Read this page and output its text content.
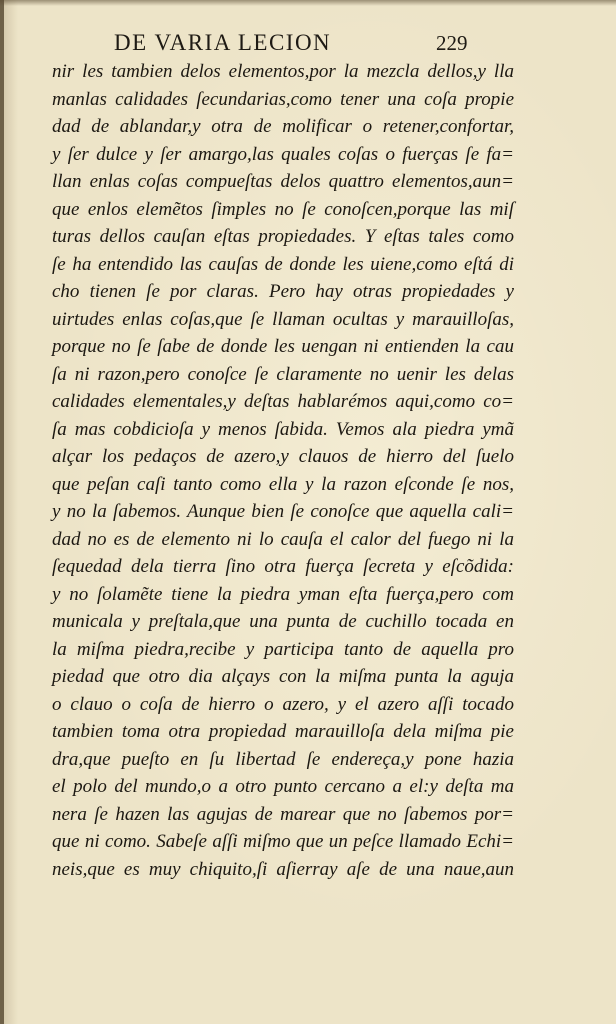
DE VARIA LECION	229
nir les tambien delos elementos,por la mezcla dellos,y lla
manlas calidades ſecundarias,como tener una coſa propie
dad de ablandar,y otra de molificar o retener,confortar,
y ſer dulce y ſer amargo,las quales coſas o fuerças ſe fa=
llan enlas coſas compueſtas delos quattro elementos,aun=
que enlos elemẽtos ſimples no ſe conoſcen,porque las miſ
turas dellos cauſan eſtas propiedades. Y eſtas tales como
ſe ha entendido las cauſas de donde les uiene,como eſtá di
cho tienen ſe por claras. Pero hay otras propiedades y
uirtudes enlas coſas,que ſe llaman ocultas y marauilloſas,
porque no ſe ſabe de donde les uengan ni entienden la cau
ſa ni razon,pero conoſce ſe claramente no uenir les delas
calidades elementales,y deſtas hablarémos aqui,como co=
ſa mas cobdicioſa y menos ſabida. Vemos ala piedra ymã
alçar los pedaços de azero,y clauos de hierro del ſuelo
que peſan caſi tanto como ella y la razon eſconde ſe nos,
y no la ſabemos. Aunque bien ſe conoſce que aquella cali=
dad no es de elemento ni lo cauſa el calor del fuego ni la
ſequedad dela tierra ſino otra fuerça ſecreta y eſcõdida:
y no ſolamẽte tiene la piedra yman eſta fuerça,pero com
municala y preſtala,que una punta de cuchillo tocada en
la miſma piedra,recibe y participa tanto de aquella pro
piedad que otro dia alçays con la miſma punta la aguja
o clauo o coſa de hierro o azero, y el azero aſſi tocado
tambien toma otra propiedad marauilloſa dela miſma pie
dra,que pueſto en ſu libertad ſe endereça,y pone hazia
el polo del mundo,o a otro punto cercano a el:y deſta ma
nera ſe hazen las agujas de marear que no ſabemos por=
que ni como. Sabeſe aſſi miſmo que un peſce llamado Echi=
neis,que es muy chiquito,ſi aſierray aſe de una naue,aun
